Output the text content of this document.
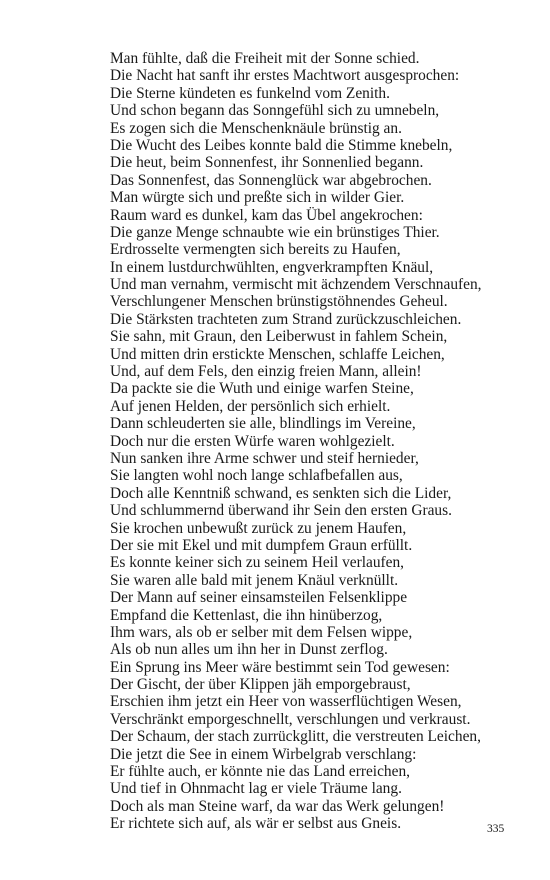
Man fühlte, daß die Freiheit mit der Sonne schied.
Die Nacht hat sanft ihr erstes Machtwort ausgesprochen:
Die Sterne kündeten es funkelnd vom Zenith.
Und schon begann das Sonngefühl sich zu umnebeln,
Es zogen sich die Menschenknäule brünstig an.
Die Wucht des Leibes konnte bald die Stimme knebeln,
Die heut, beim Sonnenfest, ihr Sonnenlied begann.
Das Sonnenfest, das Sonnenglück war abgebrochen.
Man würgte sich und preßte sich in wilder Gier.
Raum ward es dunkel, kam das Übel angekrochen:
Die ganze Menge schnaubte wie ein brünstiges Thier.
Erdrosselte vermengten sich bereits zu Haufen,
In einem lustdurchwühlten, engverkrampften Knäul,
Und man vernahm, vermischt mit ächzendem Verschnaufen,
Verschlungener Menschen brünstigstöhnendes Geheul.
Die Stärksten trachteten zum Strand zurückzuschleichen.
Sie sahn, mit Graun, den Leiberwust in fahlem Schein,
Und mitten drin erstickte Menschen, schlaffe Leichen,
Und, auf dem Fels, den einzig freien Mann, allein!
Da packte sie die Wuth und einige warfen Steine,
Auf jenen Helden, der persönlich sich erhielt.
Dann schleuderten sie alle, blindlings im Vereine,
Doch nur die ersten Würfe waren wohlgezielt.
Nun sanken ihre Arme schwer und steif hernieder,
Sie langten wohl noch lange schlafbefallen aus,
Doch alle Kenntniß schwand, es senkten sich die Lider,
Und schlummernd überwand ihr Sein den ersten Graus.
Sie krochen unbewußt zurück zu jenem Haufen,
Der sie mit Ekel und mit dumpfem Graun erfüllt.
Es konnte keiner sich zu seinem Heil verlaufen,
Sie waren alle bald mit jenem Knäul verknüllt.
Der Mann auf seiner einsamsteilen Felsenklippe
Empfand die Kettenlast, die ihn hinüberzog,
Ihm wars, als ob er selber mit dem Felsen wippe,
Als ob nun alles um ihn her in Dunst zerflog.
Ein Sprung ins Meer wäre bestimmt sein Tod gewesen:
Der Gischt, der über Klippen jäh emporgebraust,
Erschien ihm jetzt ein Heer von wasserflüchtigen Wesen,
Verschränkt emporgeschnellt, verschlungen und verkraust.
Der Schaum, der stach zurrückglitt, die verstreuten Leichen,
Die jetzt die See in einem Wirbelgrab verschlang:
Er fühlte auch, er könnte nie das Land erreichen,
Und tief in Ohnmacht lag er viele Träume lang.
Doch als man Steine warf, da war das Werk gelungen!
Er richtete sich auf, als wär er selbst aus Gneis.	335
